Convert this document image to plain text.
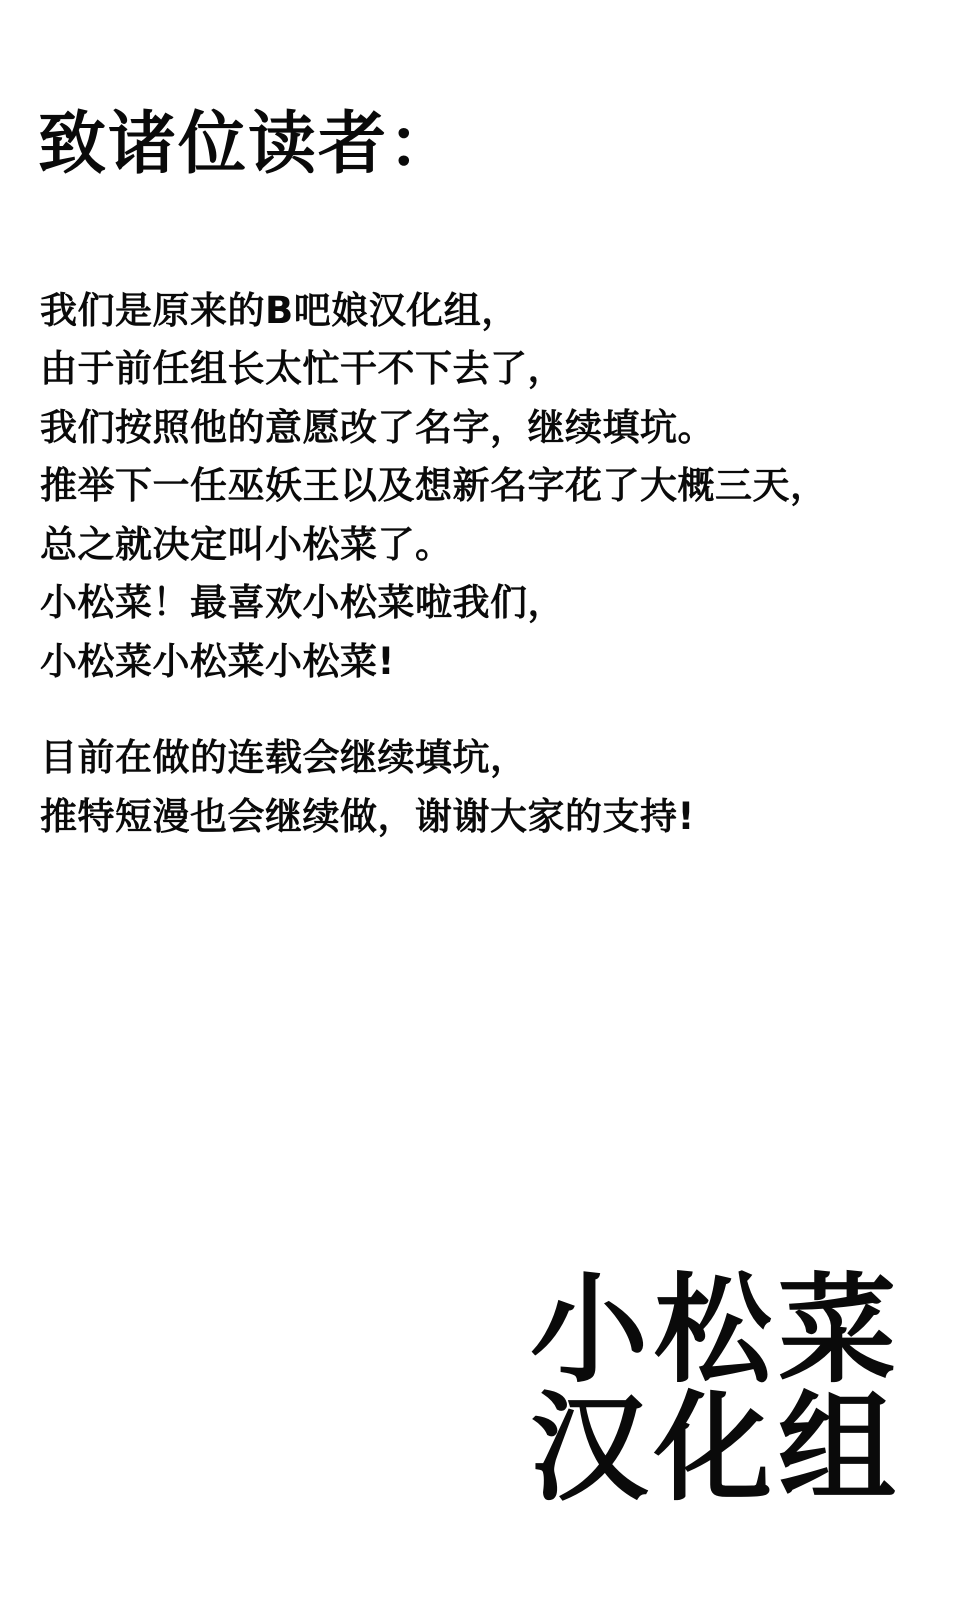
致诸位读者：
我们是原来的B吧娘汉化组，
由于前任组长太忙干不下去了，
我们按照他的意愿改了名字，继续填坑。
推举下一任巫妖王以及想新名字花了大概三天，
总之就决定叫小松菜了。
小松菜！最喜欢小松菜啦我们，
小松菜小松菜小松菜!
目前在做的连载会继续填坑，
推特短漫也会继续做，谢谢大家的支持!
小松菜
汉化组
